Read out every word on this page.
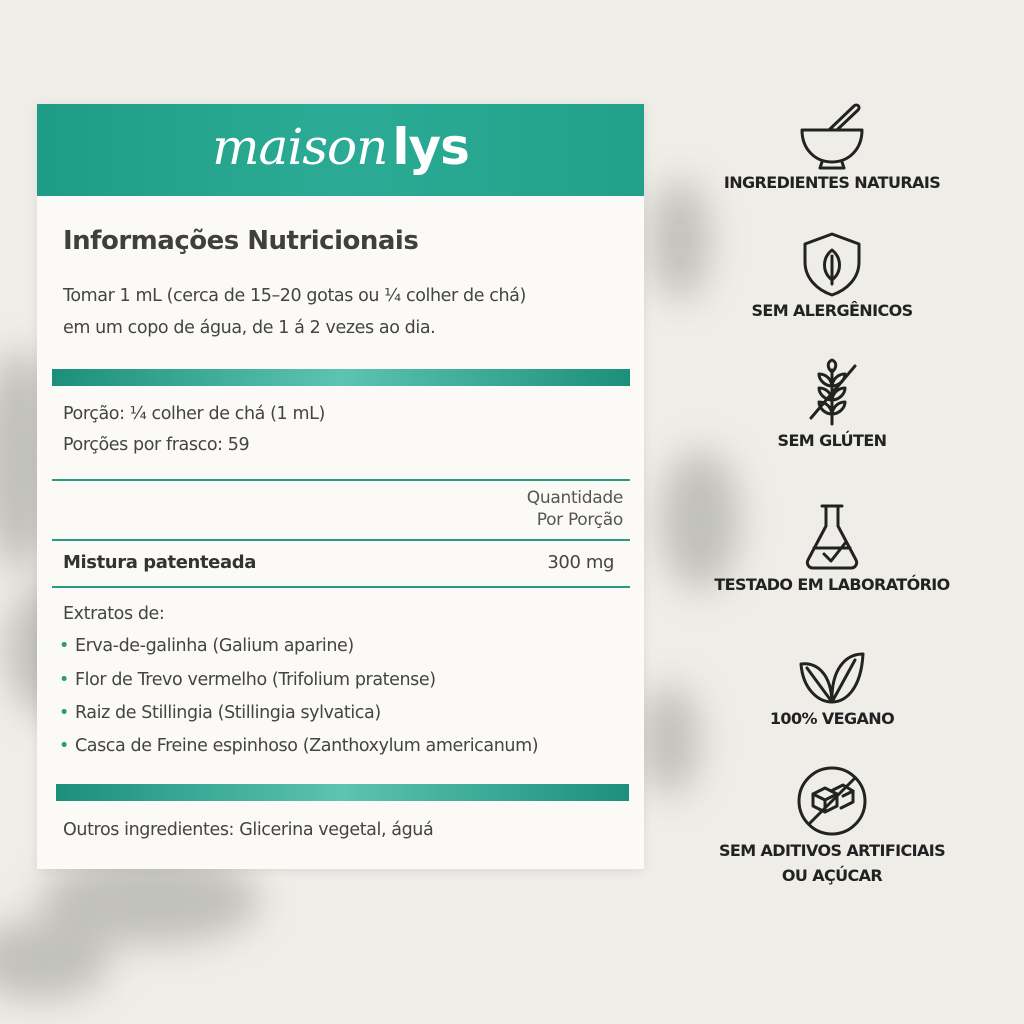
maison lys
Informações Nutricionais
Tomar 1 mL (cerca de 15–20 gotas ou ¼ colher de chá)
em um copo de água, de 1 á 2 vezes ao dia.
Porção: ¼ colher de chá (1 mL)
Porções por frasco: 59
Quantidade
Por Porção
Mistura patenteada	300 mg
Extratos de:
• Erva-de-galinha (Galium aparine)
• Flor de Trevo vermelho (Trifolium pratense)
• Raiz de Stillingia (Stillingia sylvatica)
• Casca de Freine espinhoso (Zanthoxylum americanum)
Outros ingredientes: Glicerina vegetal, águá
INGREDIENTES NATURAIS
SEM ALERGÊNICOS
SEM GLÚTEN
TESTADO EM LABORATÓRIO
100% VEGANO
SEM ADITIVOS ARTIFICIAIS
OU AÇÚCAR
